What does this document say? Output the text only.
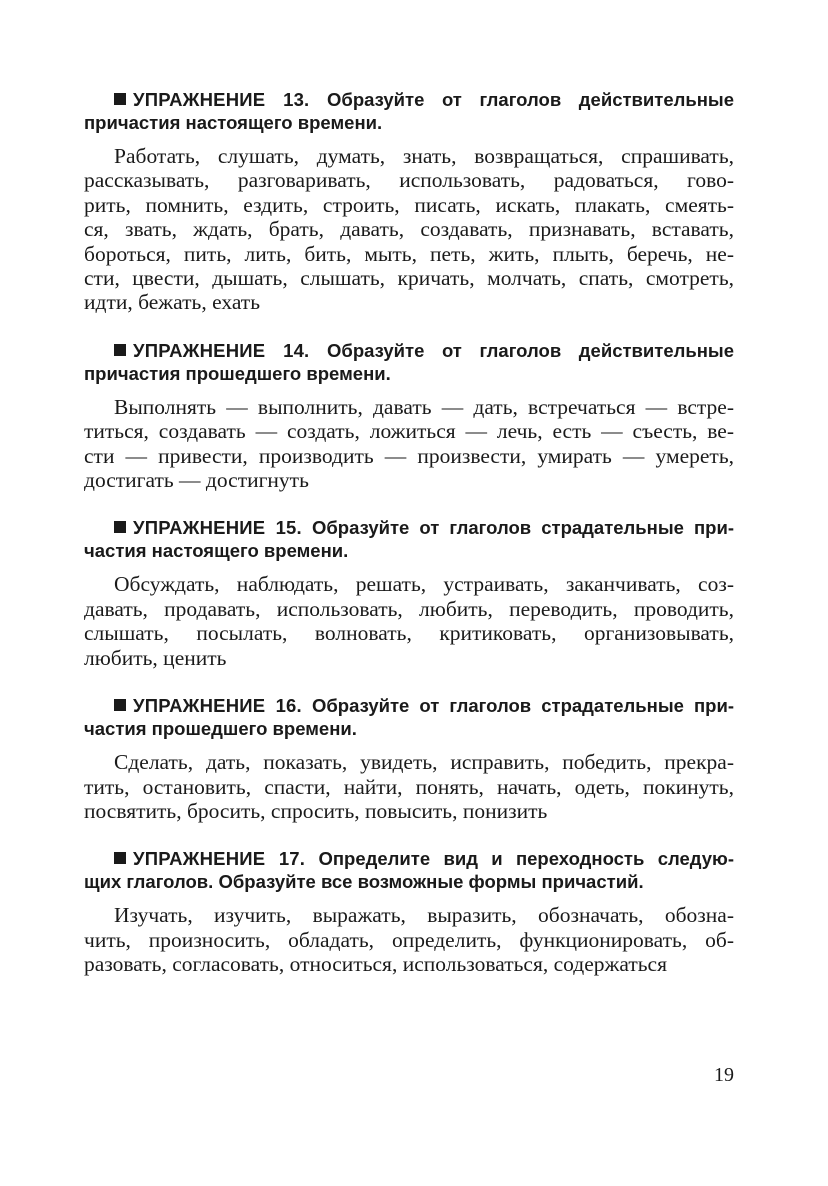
УПРАЖНЕНИЕ 13. Образуйте от глаголов действительные
причастия настоящего времени.
Работать, слушать, думать, знать, возвращаться, спрашивать,
рассказывать, разговаривать, использовать, радоваться, гово-
рить, помнить, ездить, строить, писать, искать, плакать, смеять-
ся, звать, ждать, брать, давать, создавать, признавать, вставать,
бороться, пить, лить, бить, мыть, петь, жить, плыть, беречь, не-
сти, цвести, дышать, слышать, кричать, молчать, спать, смотреть,
идти, бежать, ехать
УПРАЖНЕНИЕ 14. Образуйте от глаголов действительные
причастия прошедшего времени.
Выполнять — выполнить, давать — дать, встречаться — встре-
титься, создавать — создать, ложиться — лечь, есть — съесть, ве-
сти — привести, производить — произвести, умирать — умереть,
достигать — достигнуть
УПРАЖНЕНИЕ 15. Образуйте от глаголов страдательные при-
частия настоящего времени.
Обсуждать, наблюдать, решать, устраивать, заканчивать, соз-
давать, продавать, использовать, любить, переводить, проводить,
слышать, посылать, волновать, критиковать, организовывать,
любить, ценить
УПРАЖНЕНИЕ 16. Образуйте от глаголов страдательные при-
частия прошедшего времени.
Сделать, дать, показать, увидеть, исправить, победить, прекра-
тить, остановить, спасти, найти, понять, начать, одеть, покинуть,
посвятить, бросить, спросить, повысить, понизить
УПРАЖНЕНИЕ 17. Определите вид и переходность следую-
щих глаголов. Образуйте все возможные формы причастий.
Изучать, изучить, выражать, выразить, обозначать, обозна-
чить, произносить, обладать, определить, функционировать, об-
разовать, согласовать, относиться, использоваться, содержаться
19
